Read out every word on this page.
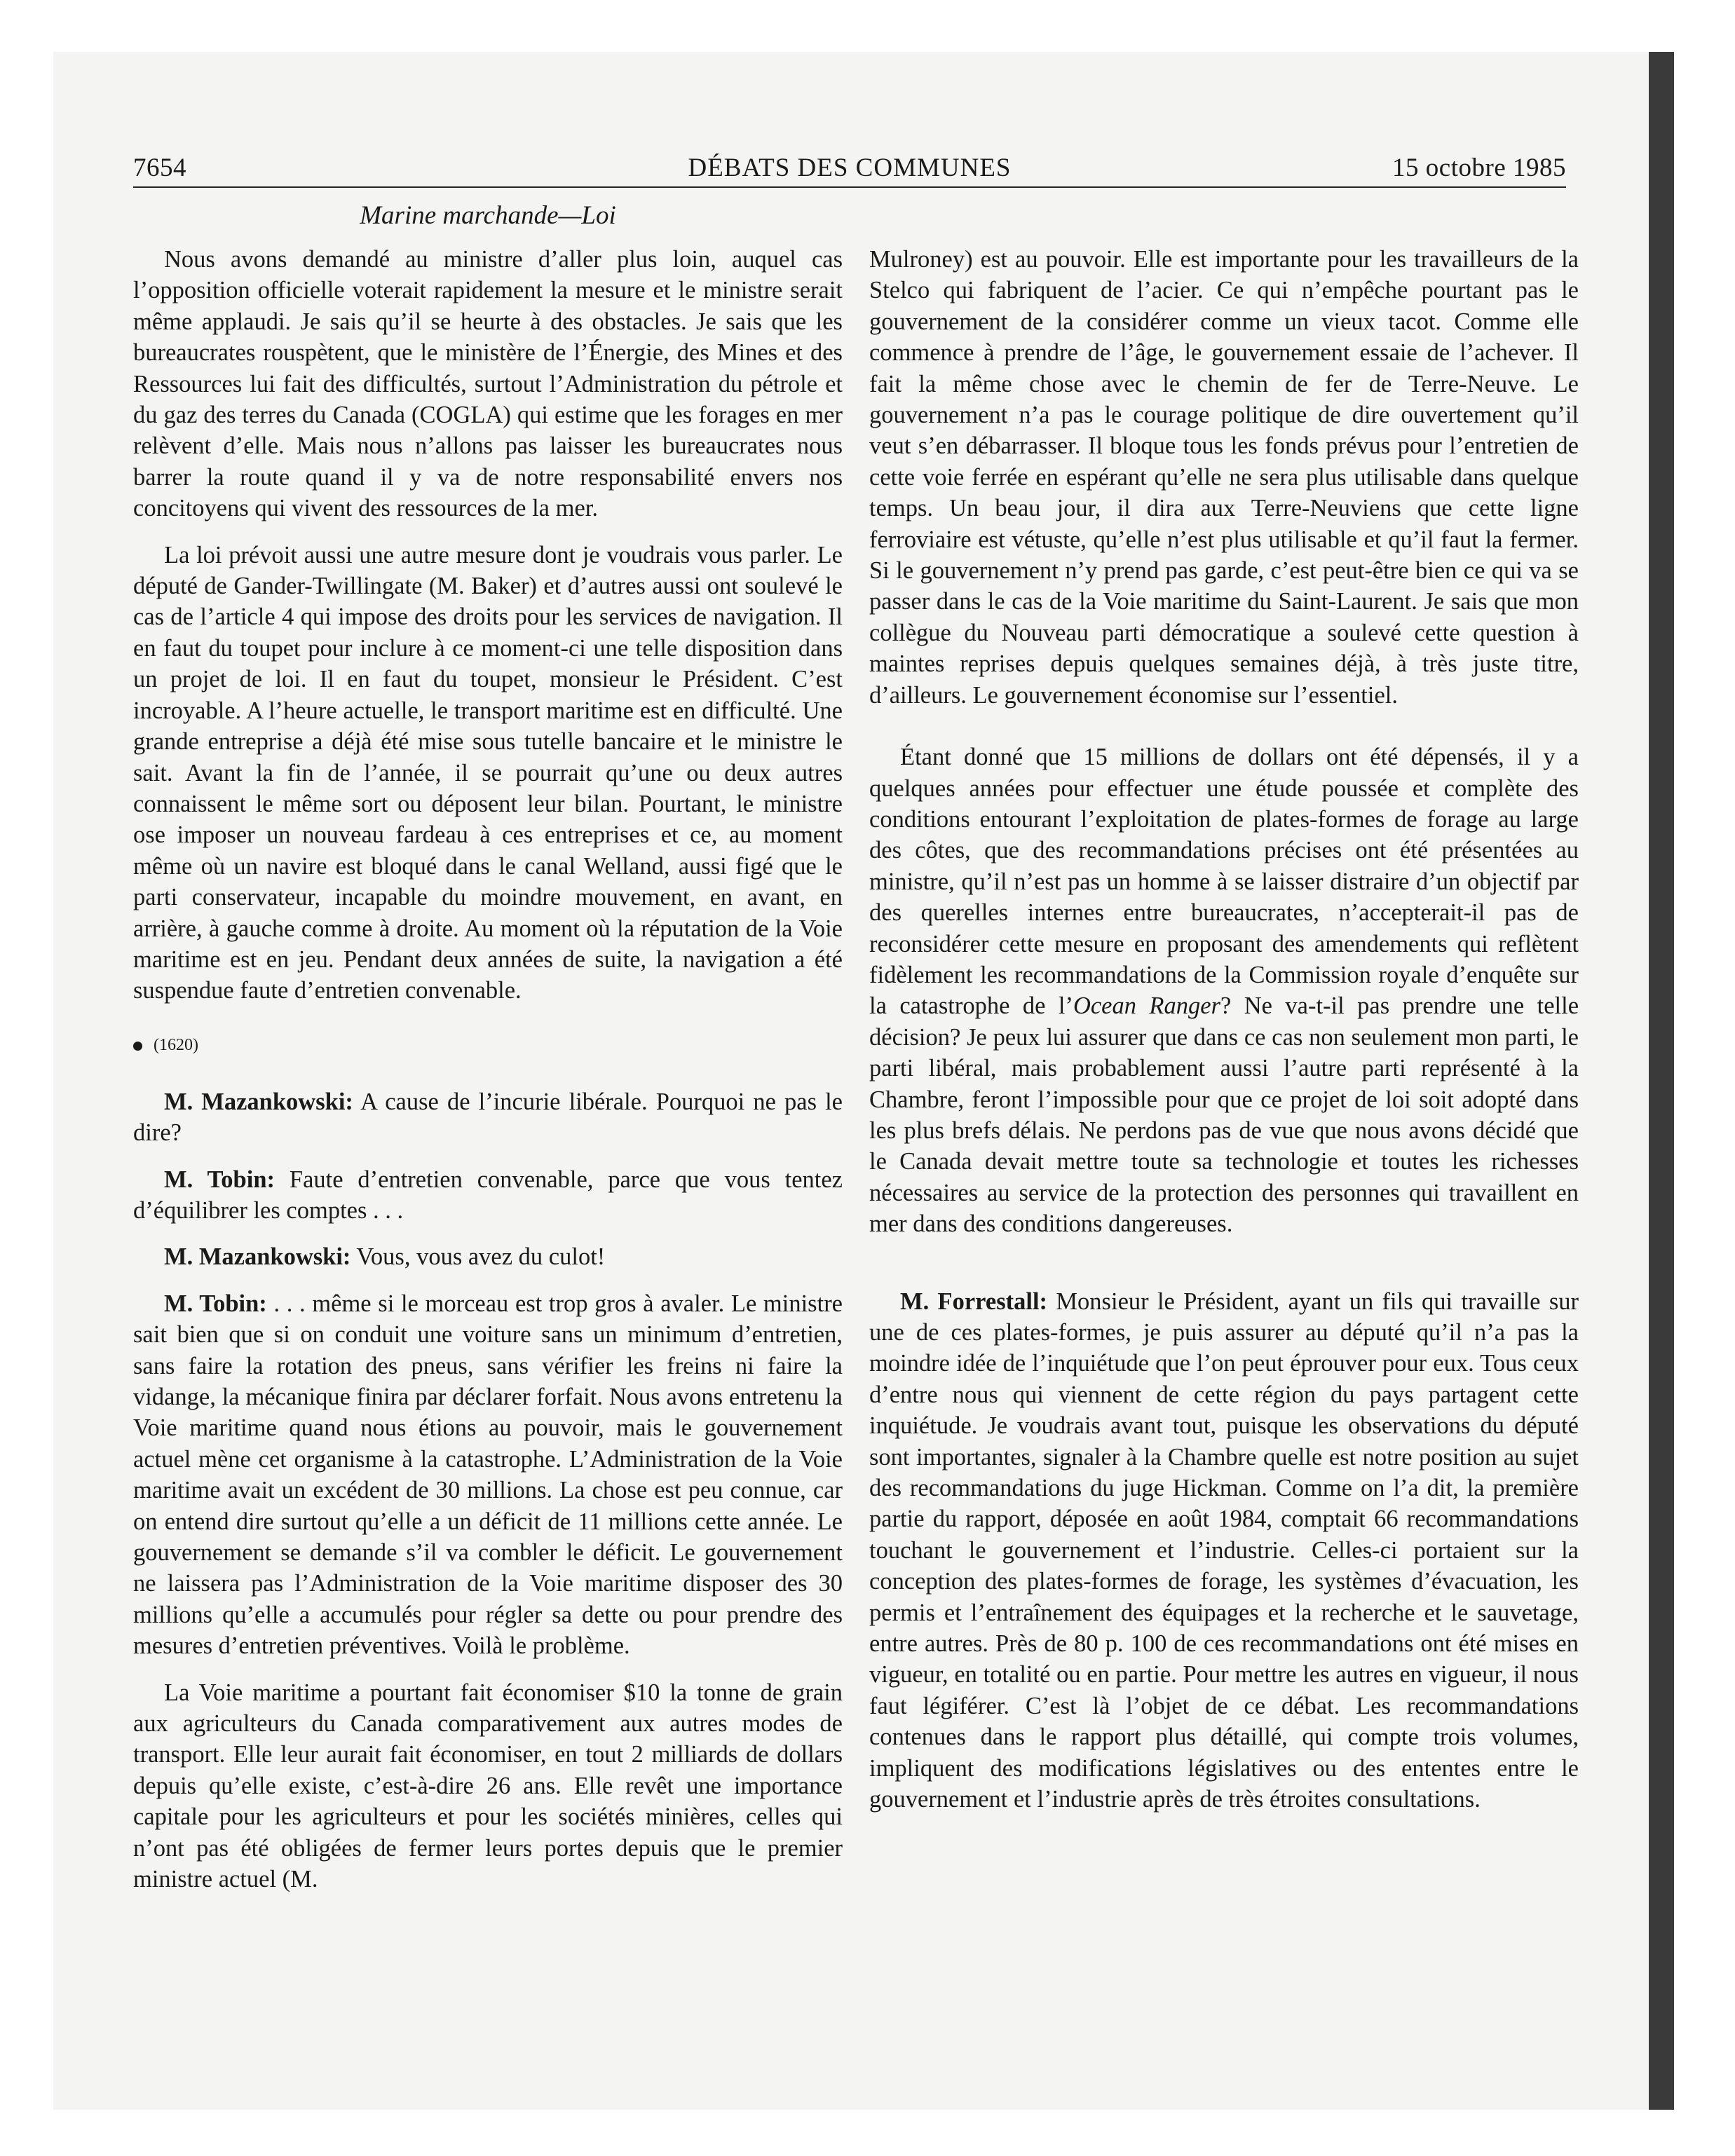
7654	DÉBATS DES COMMUNES	15 octobre 1985
Marine marchande—Loi

Nous avons demandé au ministre d’aller plus loin, auquel cas l’opposition officielle voterait rapidement la mesure et le ministre serait même applaudi. Je sais qu’il se heurte à des obstacles. Je sais que les bureaucrates rouspètent, que le ministère de l’Énergie, des Mines et des Ressources lui fait des difficultés, surtout l’Administration du pétrole et du gaz des terres du Canada (COGLA) qui estime que les forages en mer relèvent d’elle. Mais nous n’allons pas laisser les bureaucrates nous barrer la route quand il y va de notre responsabilité envers nos concitoyens qui vivent des ressources de la mer.

La loi prévoit aussi une autre mesure dont je voudrais vous parler. Le député de Gander-Twillingate (M. Baker) et d’autres aussi ont soulevé le cas de l’article 4 qui impose des droits pour les services de navigation. Il en faut du toupet pour inclure à ce moment-ci une telle disposition dans un projet de loi. Il en faut du toupet, monsieur le Président. C’est incroyable. A l’heure actuelle, le transport maritime est en difficulté. Une grande entreprise a déjà été mise sous tutelle bancaire et le ministre le sait. Avant la fin de l’année, il se pourrait qu’une ou deux autres connaissent le même sort ou déposent leur bilan. Pourtant, le ministre ose imposer un nouveau fardeau à ces entreprises et ce, au moment même où un navire est bloqué dans le canal Welland, aussi figé que le parti conservateur, incapable du moindre mouvement, en avant, en arrière, à gauche comme à droite. Au moment où la réputation de la Voie maritime est en jeu. Pendant deux années de suite, la navigation a été suspendue faute d’entretien convenable.

(1620)

M. Mazankowski: A cause de l’incurie libérale. Pourquoi ne pas le dire?

M. Tobin: Faute d’entretien convenable, parce que vous tentez d’équilibrer les comptes . . .

M. Mazankowski: Vous, vous avez du culot!

M. Tobin: . . . même si le morceau est trop gros à avaler. Le ministre sait bien que si on conduit une voiture sans un minimum d’entretien, sans faire la rotation des pneus, sans vérifier les freins ni faire la vidange, la mécanique finira par déclarer forfait. Nous avons entretenu la Voie maritime quand nous étions au pouvoir, mais le gouvernement actuel mène cet organisme à la catastrophe. L’Administration de la Voie maritime avait un excédent de 30 millions. La chose est peu connue, car on entend dire surtout qu’elle a un déficit de 11 millions cette année. Le gouvernement se demande s’il va combler le déficit. Le gouvernement ne laissera pas l’Administration de la Voie maritime disposer des 30 millions qu’elle a accumulés pour régler sa dette ou pour prendre des mesures d’entretien préventives. Voilà le problème.

La Voie maritime a pourtant fait économiser $10 la tonne de grain aux agriculteurs du Canada comparativement aux autres modes de transport. Elle leur aurait fait économiser, en tout 2 milliards de dollars depuis qu’elle existe, c’est-à-dire 26 ans. Elle revêt une importance capitale pour les agriculteurs et pour les sociétés minières, celles qui n’ont pas été obligées de fermer leurs portes depuis que le premier ministre actuel (M.

Mulroney) est au pouvoir. Elle est importante pour les travailleurs de la Stelco qui fabriquent de l’acier. Ce qui n’empêche pourtant pas le gouvernement de la considérer comme un vieux tacot. Comme elle commence à prendre de l’âge, le gouvernement essaie de l’achever. Il fait la même chose avec le chemin de fer de Terre-Neuve. Le gouvernement n’a pas le courage politique de dire ouvertement qu’il veut s’en débarrasser. Il bloque tous les fonds prévus pour l’entretien de cette voie ferrée en espérant qu’elle ne sera plus utilisable dans quelque temps. Un beau jour, il dira aux Terre-Neuviens que cette ligne ferroviaire est vétuste, qu’elle n’est plus utilisable et qu’il faut la fermer. Si le gouvernement n’y prend pas garde, c’est peut-être bien ce qui va se passer dans le cas de la Voie maritime du Saint-Laurent. Je sais que mon collègue du Nouveau parti démocratique a soulevé cette question à maintes reprises depuis quelques semaines déjà, à très juste titre, d’ailleurs. Le gouvernement économise sur l’essentiel.

Étant donné que 15 millions de dollars ont été dépensés, il y a quelques années pour effectuer une étude poussée et complète des conditions entourant l’exploitation de plates-formes de forage au large des côtes, que des recommandations précises ont été présentées au ministre, qu’il n’est pas un homme à se laisser distraire d’un objectif par des querelles internes entre bureaucrates, n’accepterait-il pas de reconsidérer cette mesure en proposant des amendements qui reflètent fidèlement les recommandations de la Commission royale d’enquête sur la catastrophe de l’Ocean Ranger? Ne va-t-il pas prendre une telle décision? Je peux lui assurer que dans ce cas non seulement mon parti, le parti libéral, mais probablement aussi l’autre parti représenté à la Chambre, feront l’impossible pour que ce projet de loi soit adopté dans les plus brefs délais. Ne perdons pas de vue que nous avons décidé que le Canada devait mettre toute sa technologie et toutes les richesses nécessaires au service de la protection des personnes qui travaillent en mer dans des conditions dangereuses.

M. Forrestall: Monsieur le Président, ayant un fils qui travaille sur une de ces plates-formes, je puis assurer au député qu’il n’a pas la moindre idée de l’inquiétude que l’on peut éprouver pour eux. Tous ceux d’entre nous qui viennent de cette région du pays partagent cette inquiétude. Je voudrais avant tout, puisque les observations du député sont importantes, signaler à la Chambre quelle est notre position au sujet des recommandations du juge Hickman. Comme on l’a dit, la première partie du rapport, déposée en août 1984, comptait 66 recommandations touchant le gouvernement et l’industrie. Celles-ci portaient sur la conception des plates-formes de forage, les systèmes d’évacuation, les permis et l’entraînement des équipages et la recherche et le sauvetage, entre autres. Près de 80 p. 100 de ces recommandations ont été mises en vigueur, en totalité ou en partie. Pour mettre les autres en vigueur, il nous faut légiférer. C’est là l’objet de ce débat. Les recommandations contenues dans le rapport plus détaillé, qui compte trois volumes, impliquent des modifications législatives ou des ententes entre le gouvernement et l’industrie après de très étroites consultations.
